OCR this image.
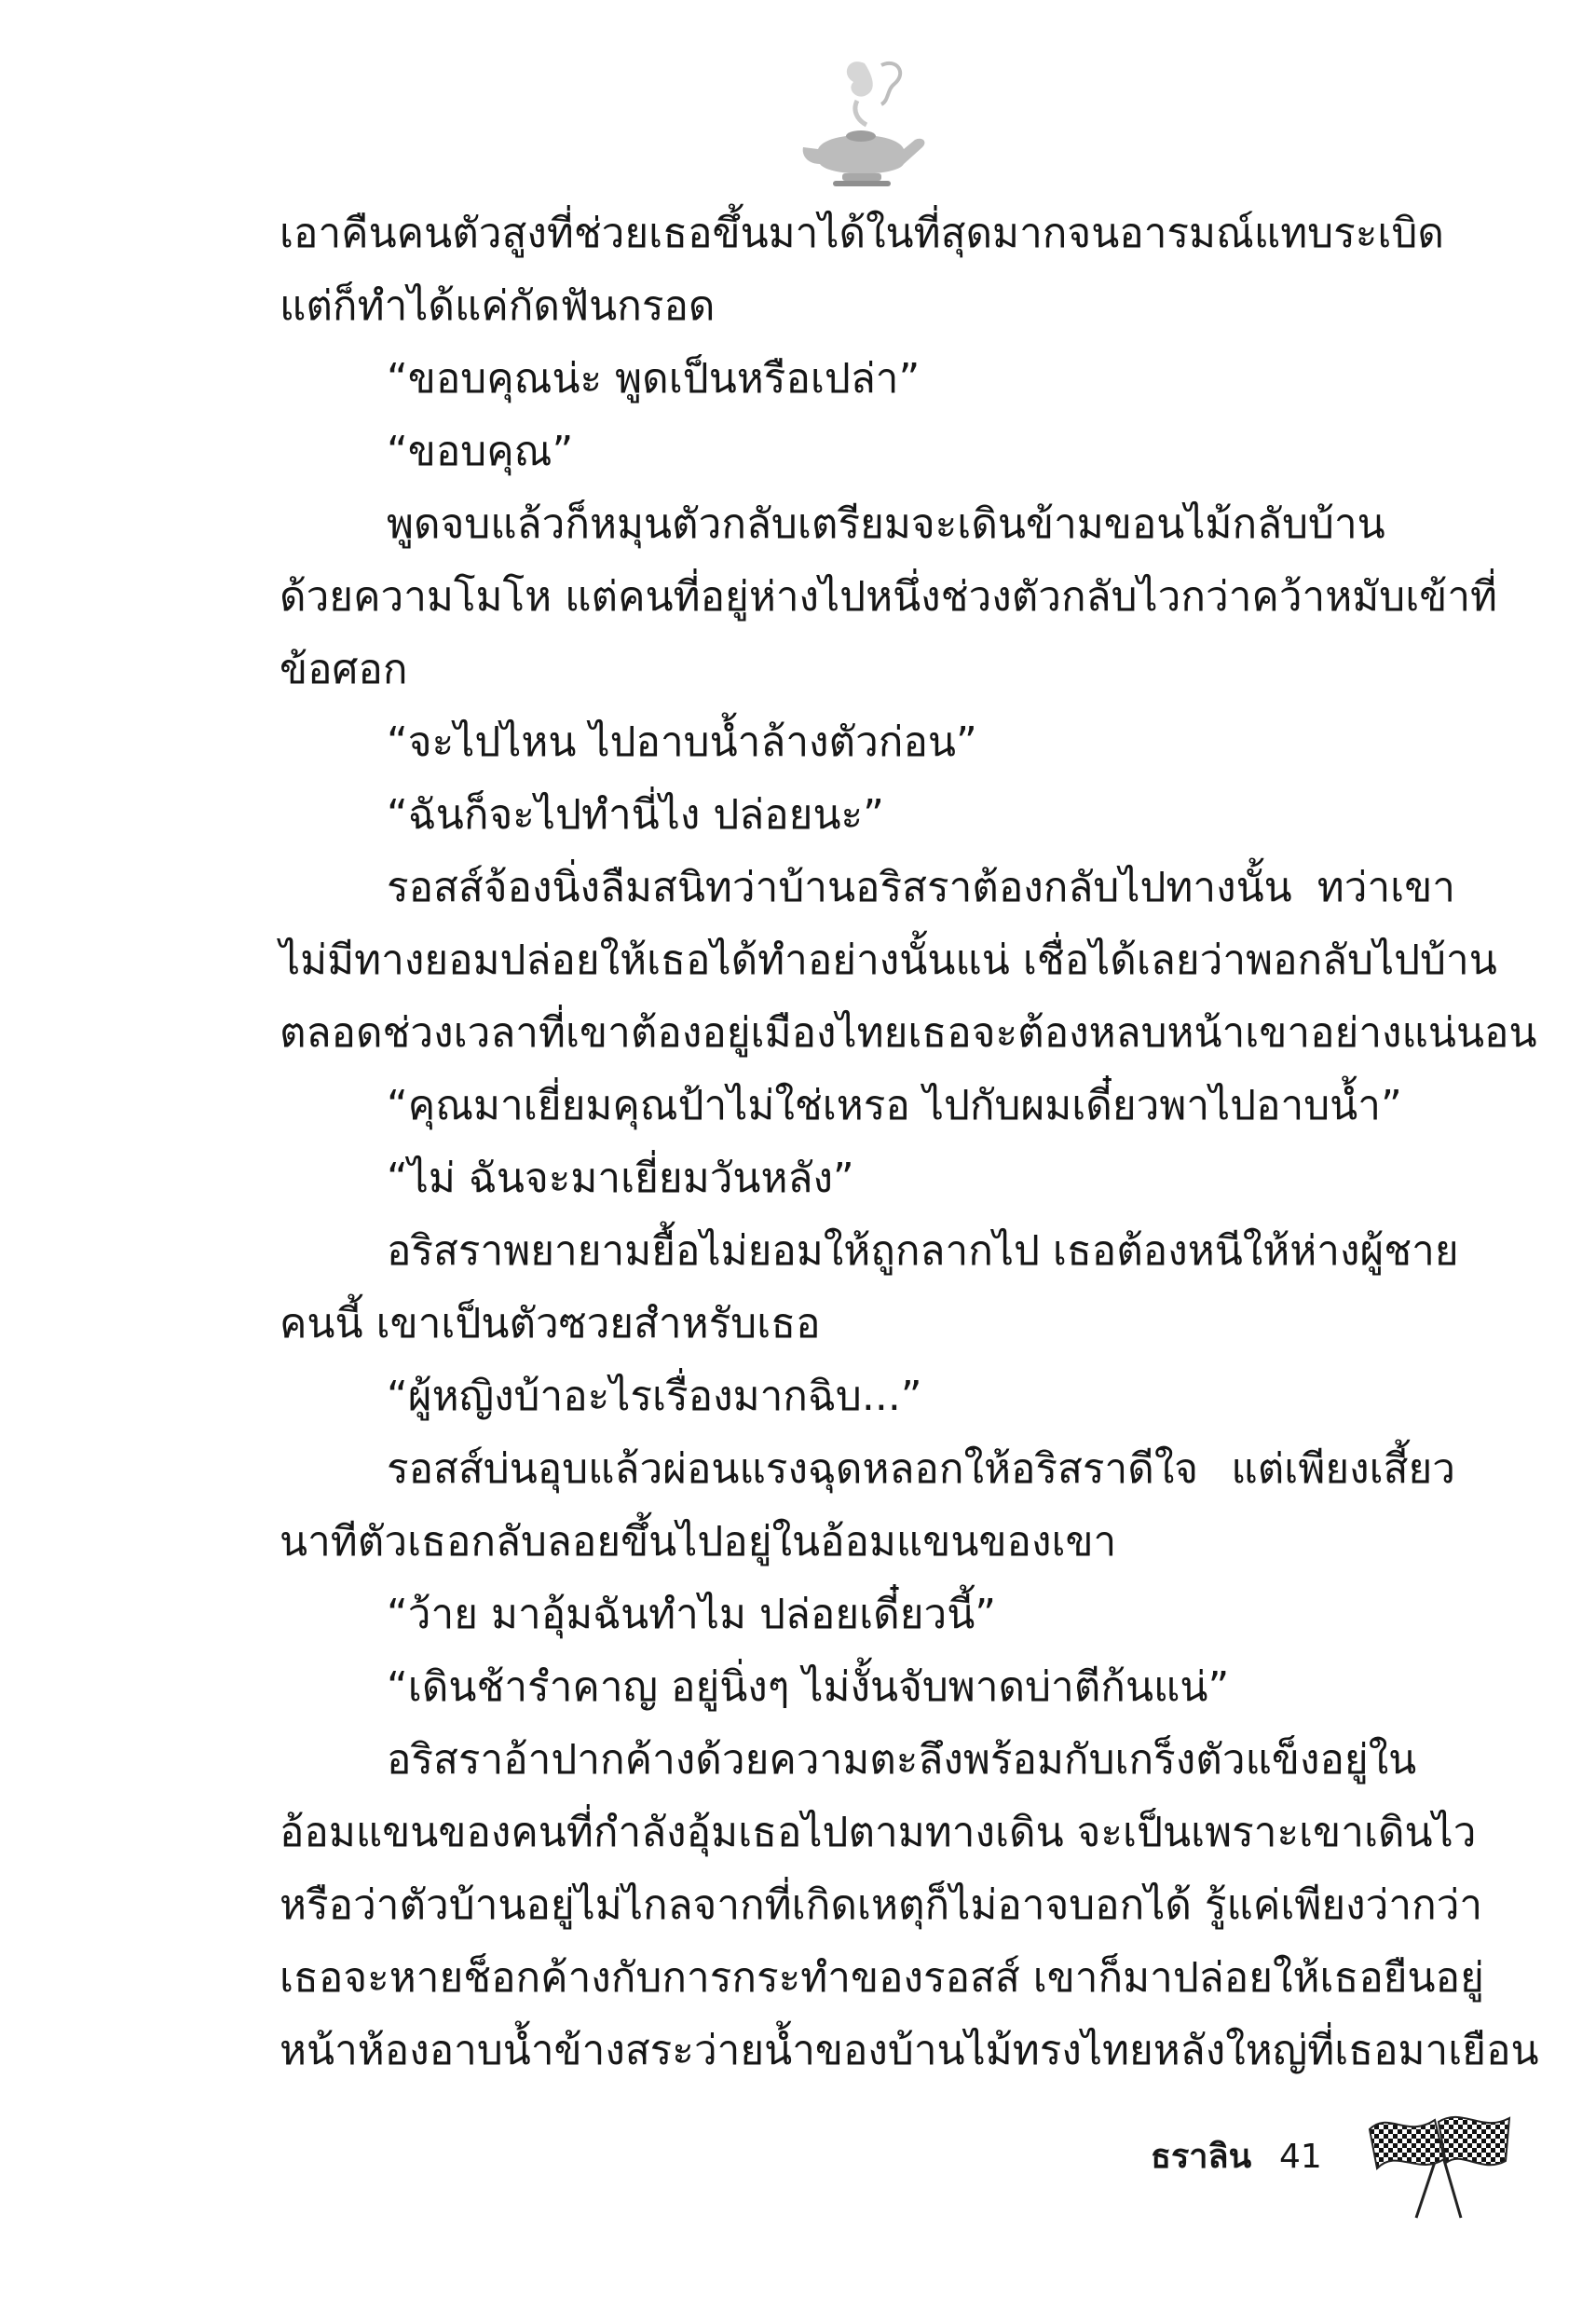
เอาคืนคนตัวสูงที่ช่วยเธอขึ้นมาได้ในที่สุดมากจนอารมณ์แทบระเบิด
แต่ก็ทำได้แค่กัดฟันกรอด
“ขอบคุณน่ะ พูดเป็นหรือเปล่า”
“ขอบคุณ”
พูดจบแล้วก็หมุนตัวกลับเตรียมจะเดินข้ามขอนไม้กลับบ้าน
ด้วยความโมโห แต่คนที่อยู่ห่างไปหนึ่งช่วงตัวกลับไวกว่าคว้าหมับเข้าที่
ข้อศอก
“จะไปไหน ไปอาบน้ำล้างตัวก่อน”
“ฉันก็จะไปทำนี่ไง ปล่อยนะ”
รอสส์จ้องนิ่งลืมสนิทว่าบ้านอริสราต้องกลับไปทางนั้น ทว่าเขา
ไม่มีทางยอมปล่อยให้เธอได้ทำอย่างนั้นแน่ เชื่อได้เลยว่าพอกลับไปบ้าน
ตลอดช่วงเวลาที่เขาต้องอยู่เมืองไทยเธอจะต้องหลบหน้าเขาอย่างแน่นอน
“คุณมาเยี่ยมคุณป้าไม่ใช่เหรอ ไปกับผมเดี๋ยวพาไปอาบน้ำ”
“ไม่ ฉันจะมาเยี่ยมวันหลัง”
อริสราพยายามยื้อไม่ยอมให้ถูกลากไป เธอต้องหนีให้ห่างผู้ชาย
คนนี้ เขาเป็นตัวซวยสำหรับเธอ
“ผู้หญิงบ้าอะไรเรื่องมากฉิบ...”
รอสส์บ่นอุบแล้วผ่อนแรงฉุดหลอกให้อริสราดีใจ แต่เพียงเสี้ยว
นาทีตัวเธอกลับลอยขึ้นไปอยู่ในอ้อมแขนของเขา
“ว้าย มาอุ้มฉันทำไม ปล่อยเดี๋ยวนี้”
“เดินช้ารำคาญ อยู่นิ่งๆ ไม่งั้นจับพาดบ่าตีก้นแน่”
อริสราอ้าปากค้างด้วยความตะลึงพร้อมกับเกร็งตัวแข็งอยู่ใน
อ้อมแขนของคนที่กำลังอุ้มเธอไปตามทางเดิน จะเป็นเพราะเขาเดินไว
หรือว่าตัวบ้านอยู่ไม่ไกลจากที่เกิดเหตุก็ไม่อาจบอกได้ รู้แค่เพียงว่ากว่า
เธอจะหายช็อกค้างกับการกระทำของรอสส์ เขาก็มาปล่อยให้เธอยืนอยู่
หน้าห้องอาบน้ำข้างสระว่ายน้ำของบ้านไม้ทรงไทยหลังใหญ่ที่เธอมาเยือน
ธราลิน 41
